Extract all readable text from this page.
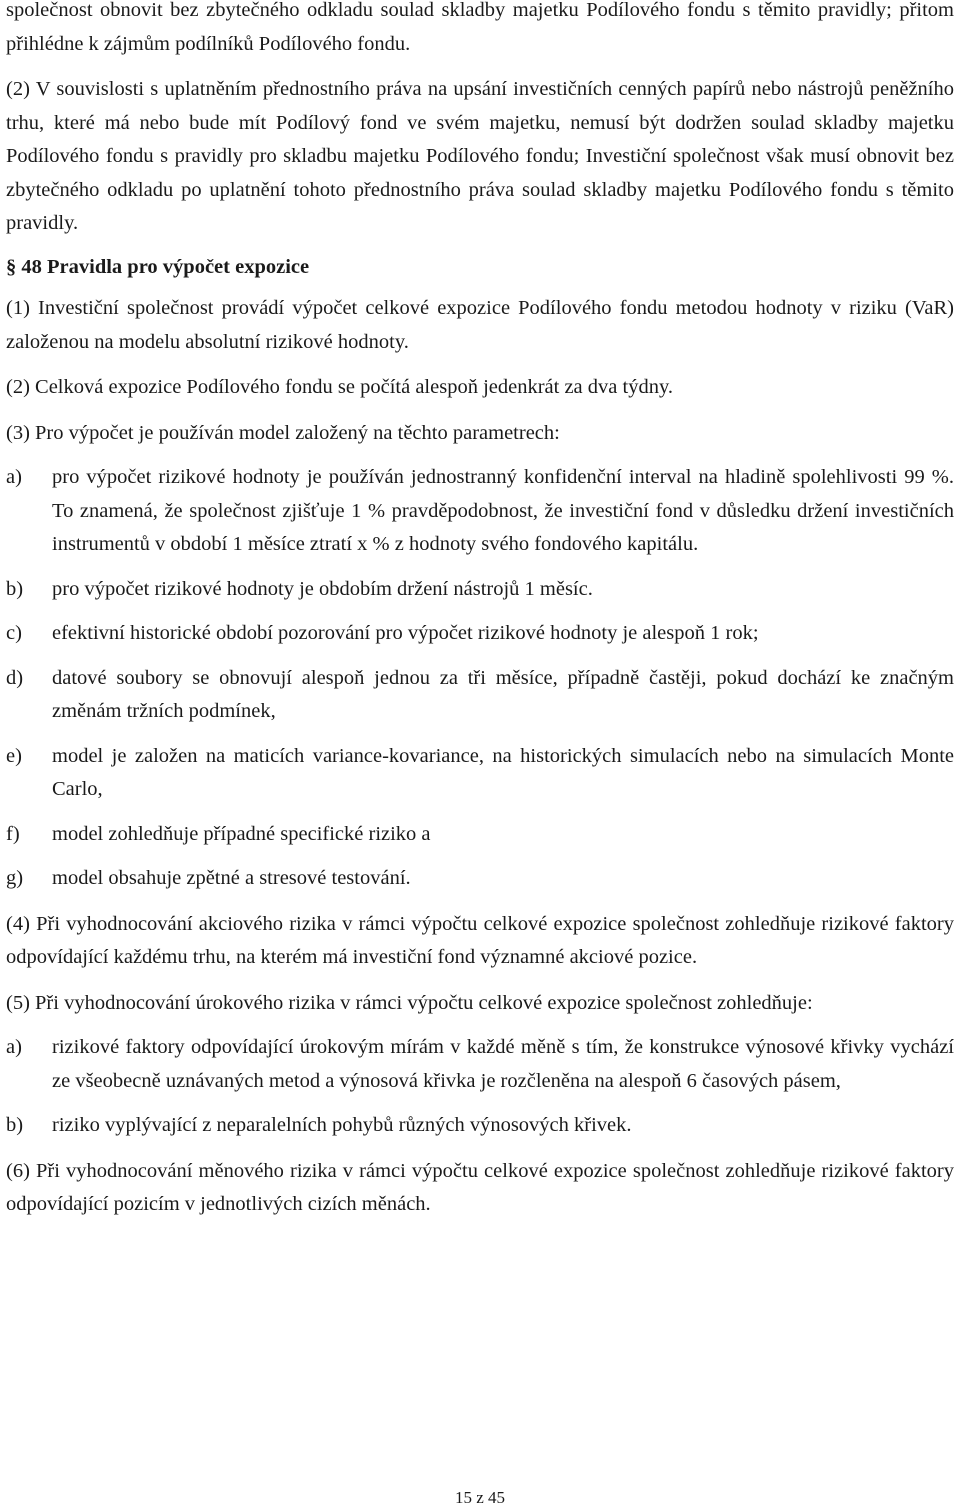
společnost obnovit bez zbytečného odkladu soulad skladby majetku Podílového fondu s těmito pravidly; přitom přihlédne k zájmům podílníků Podílového fondu.

(2) V souvislosti s uplatněním přednostního práva na upsání investičních cenných papírů nebo nástrojů peněžního trhu, které má nebo bude mít Podílový fond ve svém majetku, nemusí být dodržen soulad skladby majetku Podílového fondu s pravidly pro skladbu majetku Podílového fondu; Investiční společnost však musí obnovit bez zbytečného odkladu po uplatnění tohoto přednostního práva soulad skladby majetku Podílového fondu s těmito pravidly.

§ 48 Pravidla pro výpočet expozice

(1) Investiční společnost provádí výpočet celkové expozice Podílového fondu metodou hodnoty v riziku (VaR) založenou na modelu absolutní rizikové hodnoty.

(2) Celková expozice Podílového fondu se počítá alespoň jedenkrát za dva týdny.

(3) Pro výpočet je používán model založený na těchto parametrech:

a)	pro výpočet rizikové hodnoty je používán jednostranný konfidenční interval na hladině spolehlivosti 99 %. To znamená, že společnost zjišťuje 1 % pravděpodobnost, že investiční fond v důsledku držení investičních instrumentů v období 1 měsíce ztratí x % z hodnoty svého fondového kapitálu.
b)	pro výpočet rizikové hodnoty je obdobím držení nástrojů 1 měsíc.
c)	efektivní historické období pozorování pro výpočet rizikové hodnoty je alespoň 1 rok;
d)	datové soubory se obnovují alespoň jednou za tři měsíce, případně častěji, pokud dochází ke značným změnám tržních podmínek,
e)	model je založen na maticích variance-kovariance, na historických simulacích nebo na simulacích Monte Carlo,
f)	model zohledňuje případné specifické riziko a
g)	model obsahuje zpětné a stresové testování.

(4) Při vyhodnocování akciového rizika v rámci výpočtu celkové expozice společnost zohledňuje rizikové faktory odpovídající každému trhu, na kterém má investiční fond významné akciové pozice.

(5) Při vyhodnocování úrokového rizika v rámci výpočtu celkové expozice společnost zohledňuje:

a)	rizikové faktory odpovídající úrokovým mírám v každé měně s tím, že konstrukce výnosové křivky vychází ze všeobecně uznávaných metod a výnosová křivka je rozčleněna na alespoň 6 časových pásem,
b)	riziko vyplývající z neparalelních pohybů různých výnosových křivek.

(6) Při vyhodnocování měnového rizika v rámci výpočtu celkové expozice společnost zohledňuje rizikové faktory odpovídající pozicím v jednotlivých cizích měnách.

15 z 45
